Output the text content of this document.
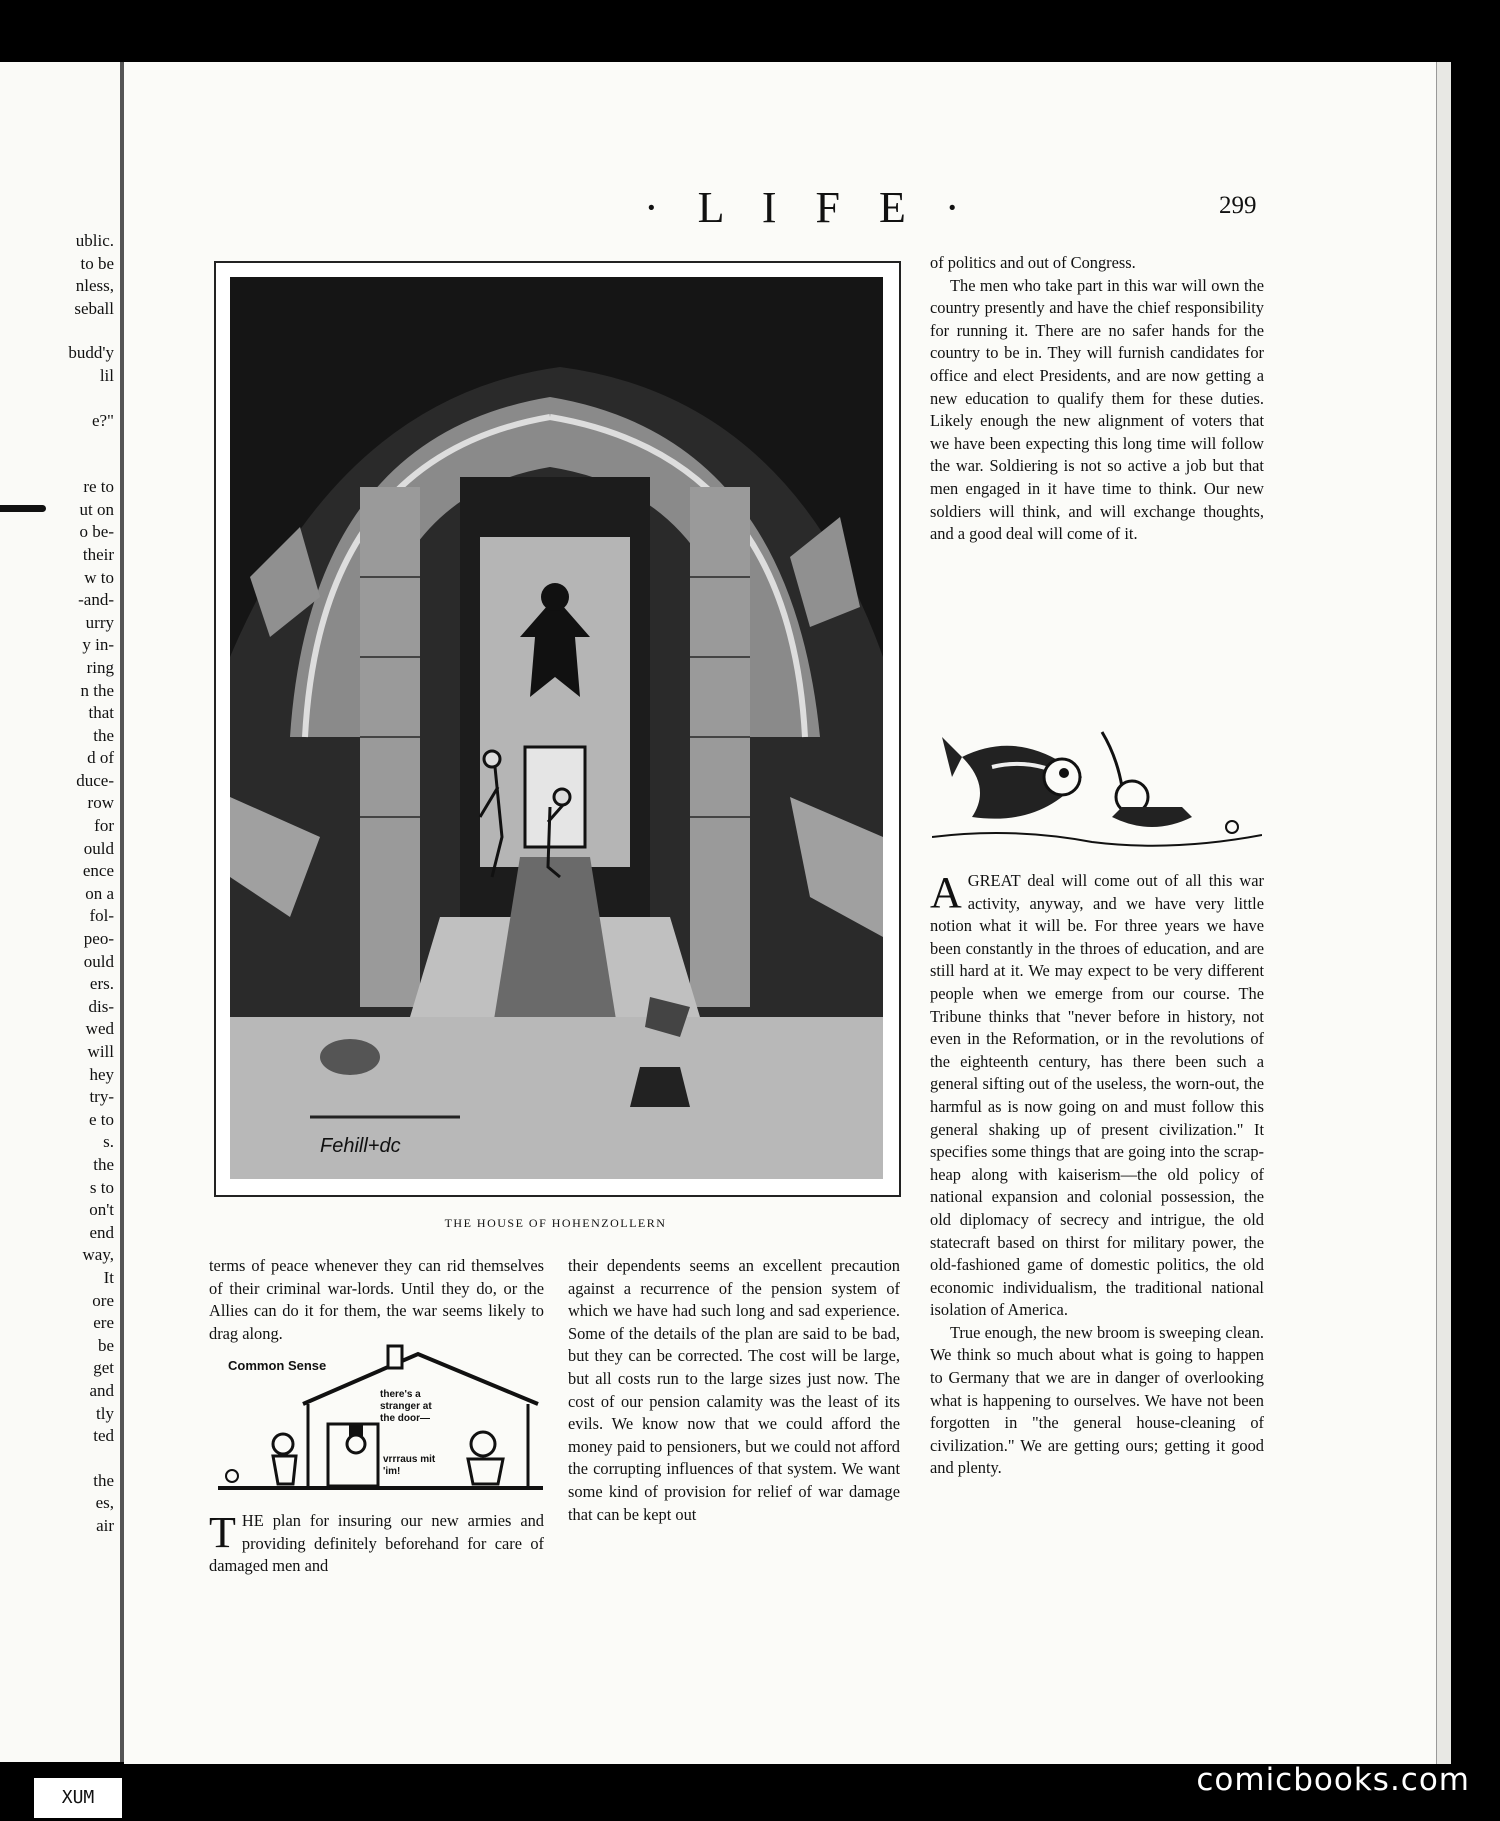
ublic.

to be

nless,

seball

budd'y

lil

e?"

re to

ut on

o be-

their

w to

-and-

urry

y in-

ring

n the

that

the

d of

duce-

row

for

ould

ence

on a

fol-

peo-

ould

ers.

dis-

wed

will

hey

try-

e to

s.

the

s to

on't

end

way,

It

ore

ere

be

get

and

tly

ted

the

es,

air

· L I F E ·	299
Fehill+dc
THE HOUSE OF HOHENZOLLERN

terms of peace whenever they can rid themselves of their criminal war-lords. Until they do, or the Allies can do it for them, the war seems likely to drag along.

Common Sense
there's a stranger at the door—
vrrraus mit 'im!

THE plan for insuring our new armies and providing definitely beforehand for care of damaged men and

their dependents seems an excellent precaution against a recurrence of the pension system of which we have had such long and sad experience. Some of the details of the plan are said to be bad, but they can be corrected. The cost will be large, but all costs run to the large sizes just now. The cost of our pension calamity was the least of its evils. We know now that we could afford the money paid to pensioners, but we could not afford the corrupting influences of that system. We want some kind of provision for relief of war damage that can be kept out

of politics and out of Congress.

The men who take part in this war will own the country presently and have the chief responsibility for running it. There are no safer hands for the country to be in. They will furnish candidates for office and elect Presidents, and are now getting a new education to qualify them for these duties. Likely enough the new alignment of voters that we have been expecting this long time will follow the war. Soldiering is not so active a job but that men engaged in it have time to think. Our new soldiers will think, and will exchange thoughts, and a good deal will come of it.

AGREAT deal will come out of all this war activity, anyway, and we have very little notion what it will be. For three years we have been constantly in the throes of education, and are still hard at it. We may expect to be very different people when we emerge from our course. The Tribune thinks that "never before in history, not even in the Reformation, or in the revolutions of the eighteenth century, has there been such a general sifting out of the useless, the worn-out, the harmful as is now going on and must follow this general shaking up of present civilization." It specifies some things that are going into the scrap-heap along with kaiserism—the old policy of national expansion and colonial possession, the old diplomacy of secrecy and intrigue, the old statecraft based on thirst for military power, the old-fashioned game of domestic politics, the old economic individualism, the traditional national isolation of America.

True enough, the new broom is sweeping clean. We think so much about what is going to happen to Germany that we are in danger of overlooking what is happening to ourselves. We have not been forgotten in "the general house-cleaning of civilization." We are getting ours; getting it good and plenty.

XUM	comicbooks.com
